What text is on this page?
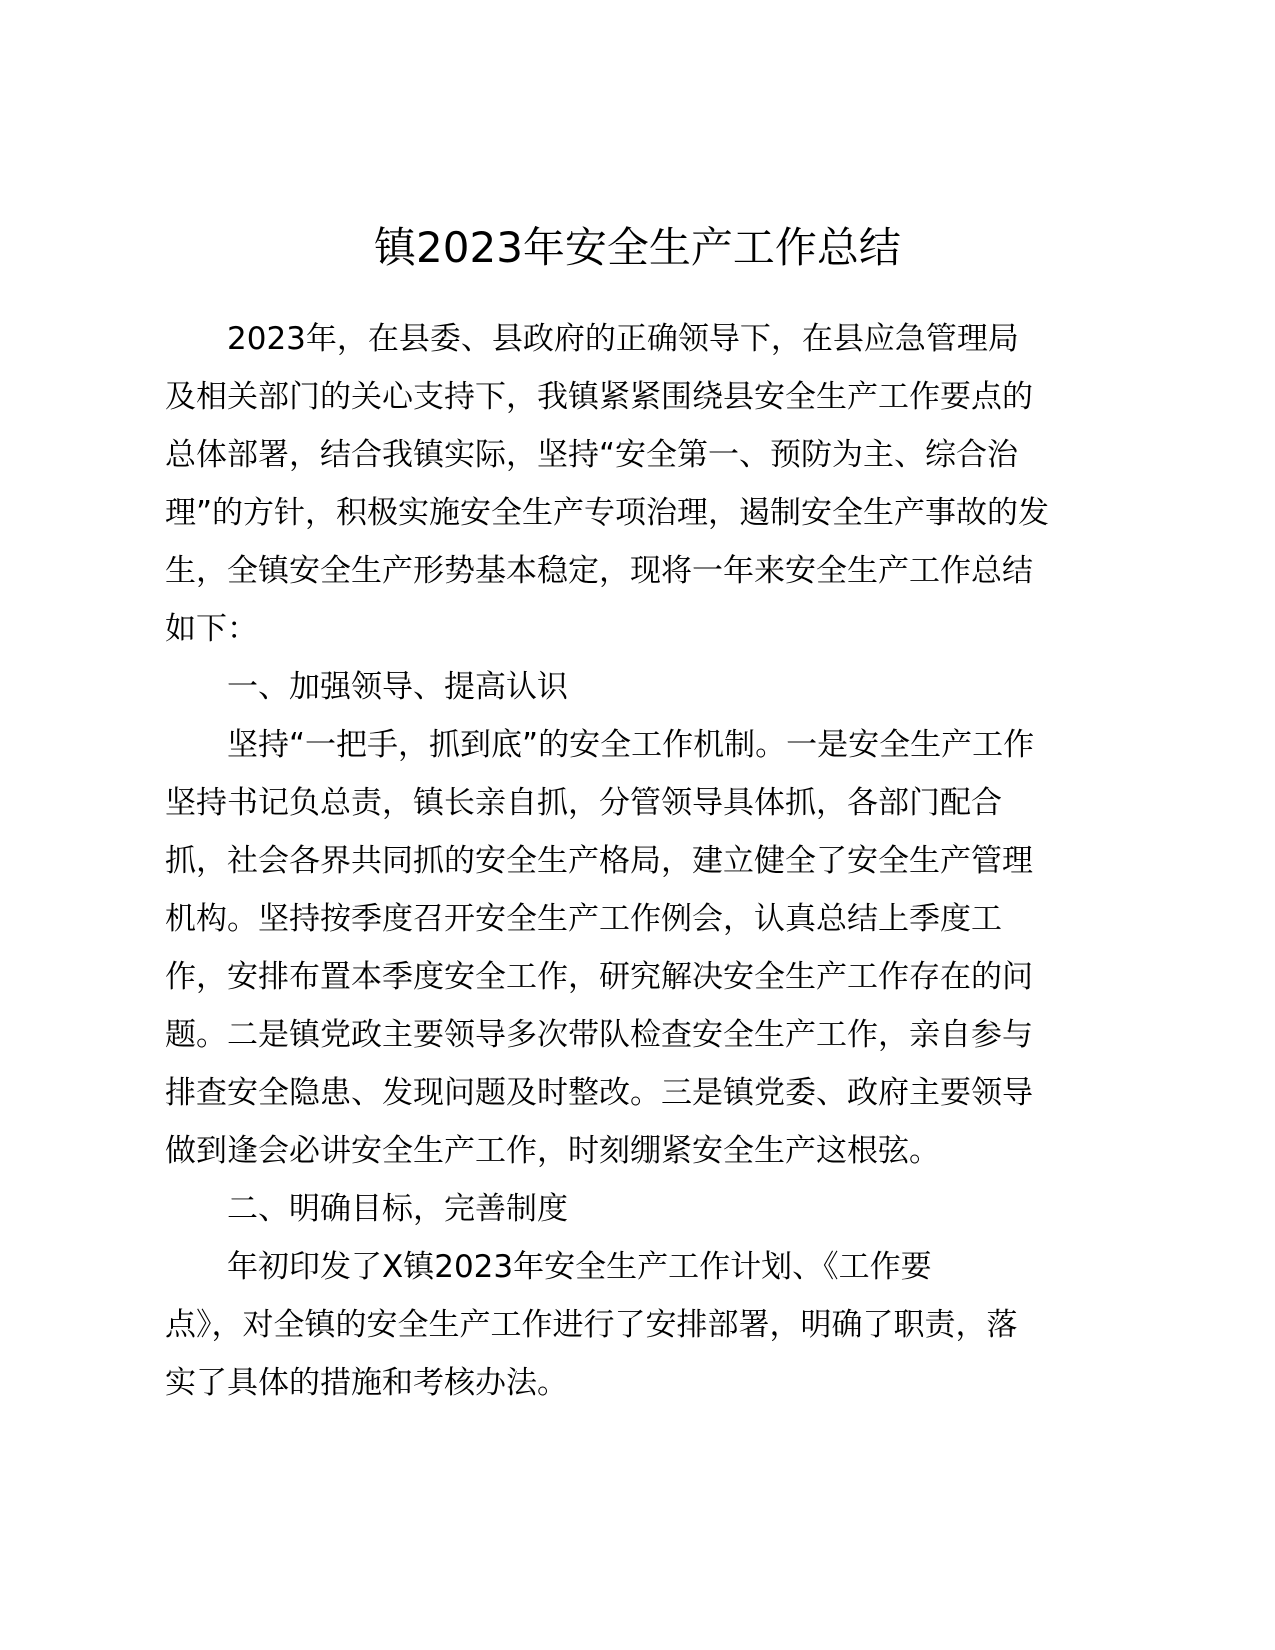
镇2023年安全生产工作总结

2023年，在县委、县政府的正确领导下，在县应急管理局
及相关部门的关心支持下，我镇紧紧围绕县安全生产工作要点的
总体部署，结合我镇实际，坚持“安全第一、预防为主、综合治
理”的方针，积极实施安全生产专项治理，遏制安全生产事故的发
生，全镇安全生产形势基本稳定，现将一年来安全生产工作总结
如下：

一、加强领导、提高认识

坚持“一把手，抓到底”的安全工作机制。一是安全生产工作
坚持书记负总责，镇长亲自抓，分管领导具体抓，各部门配合
抓，社会各界共同抓的安全生产格局，建立健全了安全生产管理
机构。坚持按季度召开安全生产工作例会，认真总结上季度工
作，安排布置本季度安全工作，研究解决安全生产工作存在的问
题。二是镇党政主要领导多次带队检查安全生产工作，亲自参与
排查安全隐患、发现问题及时整改。三是镇党委、政府主要领导
做到逢会必讲安全生产工作，时刻绷紧安全生产这根弦。

二、明确目标，完善制度

年初印发了X镇2023年安全生产工作计划、《工作要
点》，对全镇的安全生产工作进行了安排部署，明确了职责，落
实了具体的措施和考核办法。
